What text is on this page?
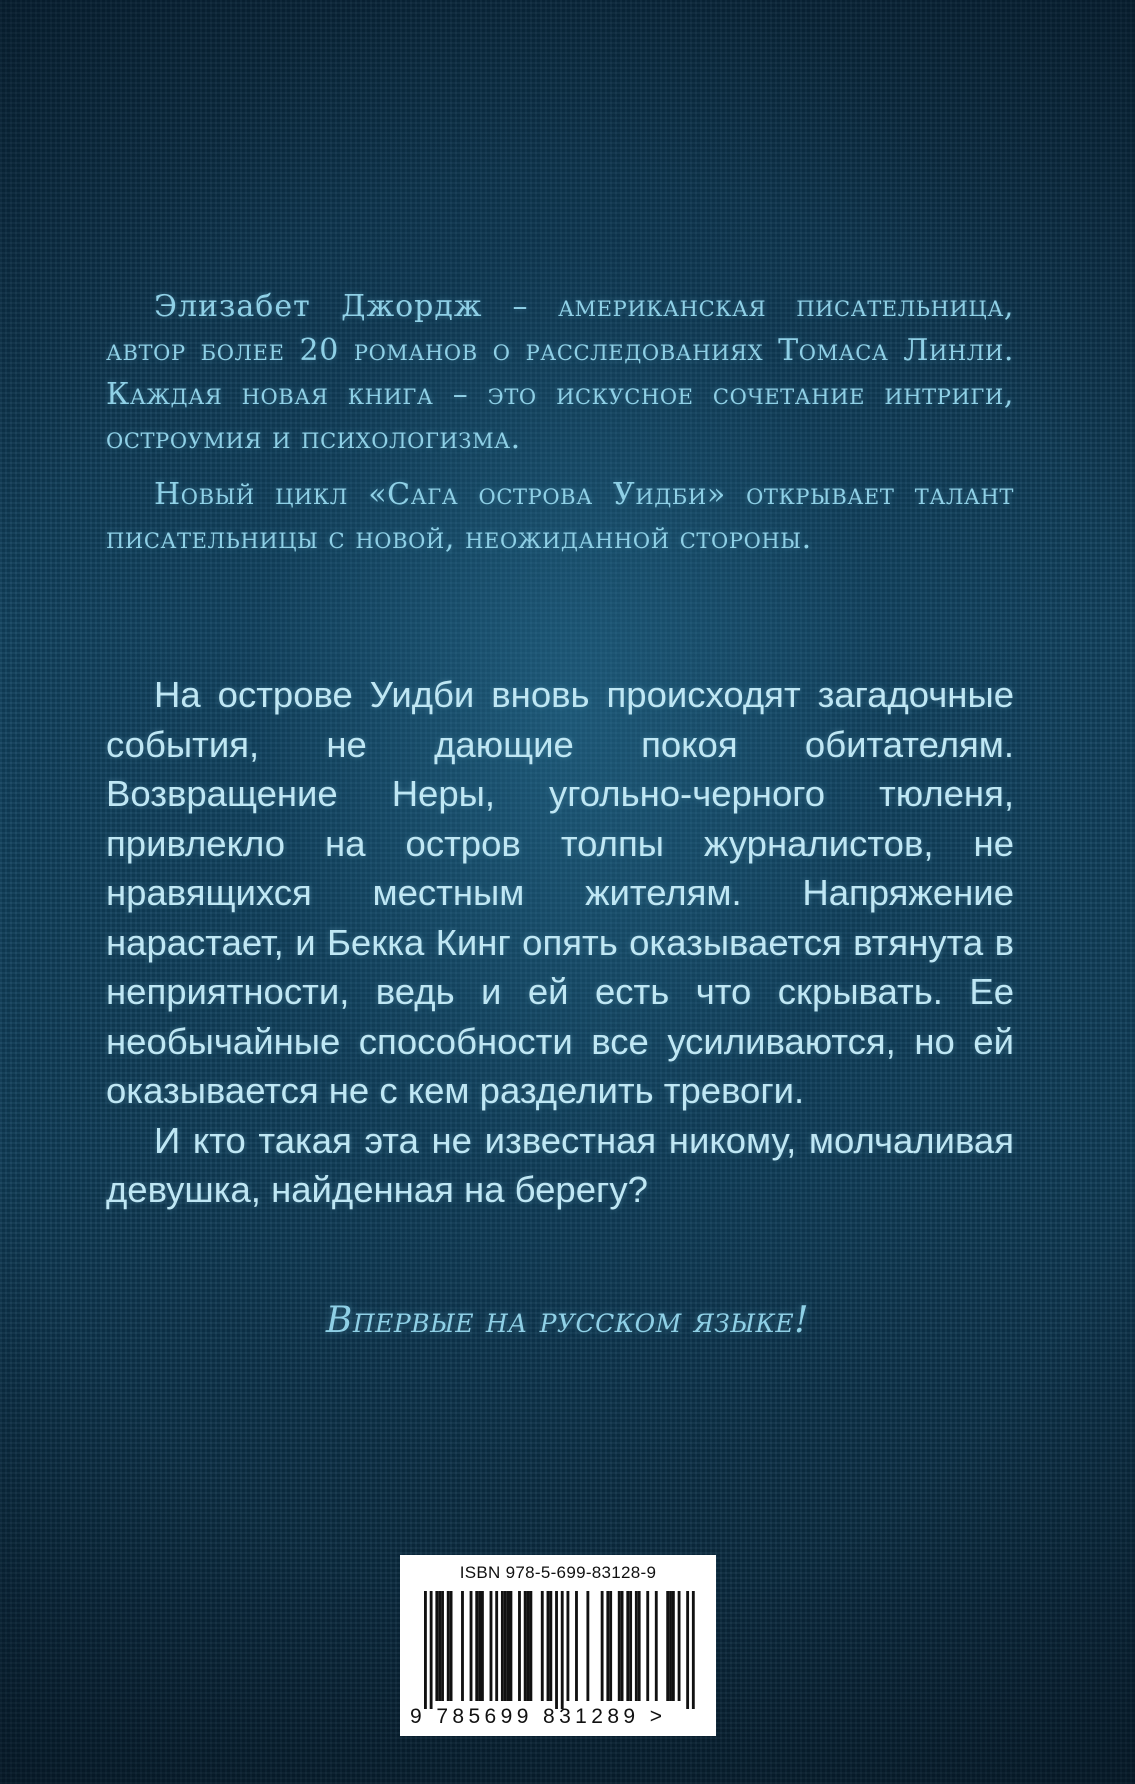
Элизабет Джордж – американская писательница, автор более 20 романов о расследованиях Томаса Линли. Каждая новая книга – это искусное сочетание интриги, остроумия и психологизма.

Новый цикл «Сага острова Уидби» открывает талант писательницы с новой, неожиданной стороны.

На острове Уидби вновь происходят загадочные события, не дающие покоя обитателям. Возвращение Неры, угольно-черного тюленя, привлекло на остров толпы журналистов, не нравящихся местным жителям. Напряжение нарастает, и Бекка Кинг опять оказывается втянута в неприятности, ведь и ей есть что скрывать. Ее необычайные способности все усиливаются, но ей оказывается не с кем разделить тревоги.

И кто такая эта не известная никому, молчаливая девушка, найденная на берегу?

Впервые на русском языке!
ISBN 978-5-699-83128-9
9 785699 831289 >
